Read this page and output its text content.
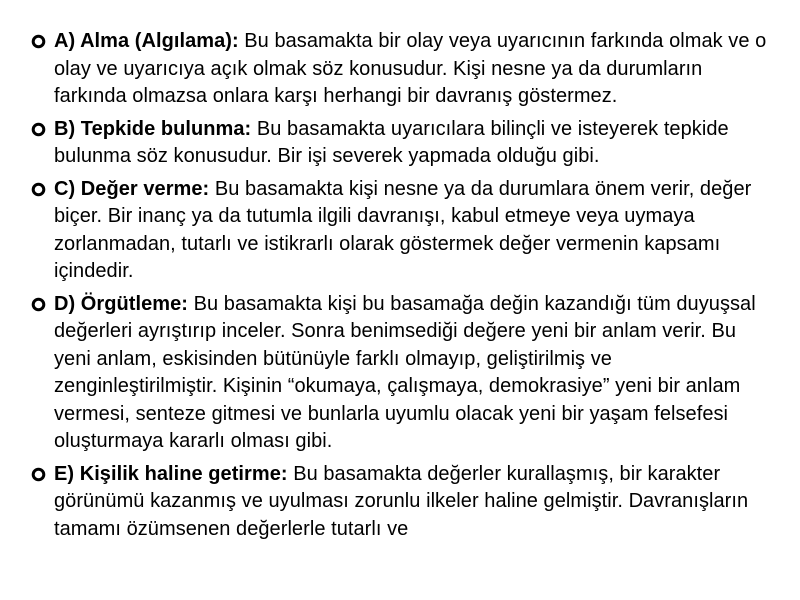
A) Alma (Algılama): Bu basamakta bir olay veya uyarıcının farkında olmak ve o olay ve uyarıcıya açık olmak söz konusudur. Kişi nesne ya da durumların farkında olmazsa onlara karşı herhangi bir davranış göstermez.
B) Tepkide bulunma: Bu basamakta uyarıcılara bilinçli ve isteyerek tepkide bulunma söz konusudur. Bir işi severek yapmada olduğu gibi.
C) Değer verme: Bu basamakta kişi nesne ya da durumlara önem verir, değer biçer. Bir inanç ya da tutumla ilgili davranışı, kabul etmeye veya uymaya zorlanmadan, tutarlı ve istikrarlı olarak göstermek değer vermenin kapsamı içindedir.
D) Örgütleme: Bu basamakta kişi bu basamağa değin kazandığı tüm duyuşsal değerleri ayrıştırıp inceler. Sonra benimsediği değere yeni bir anlam verir. Bu yeni anlam, eskisinden bütünüyle farklı olmayıp, geliştirilmiş ve zenginleştirilmiştir. Kişinin “okumaya, çalışmaya, demokrasiye” yeni bir anlam vermesi, senteze gitmesi ve bunlarla uyumlu olacak yeni bir yaşam felsefesi oluşturmaya kararlı olması gibi.
E) Kişilik haline getirme: Bu basamakta değerler kurallaşmış, bir karakter görünümü kazanmış ve uyulması zorunlu ilkeler haline gelmiştir. Davranışların tamamı özümsenen değerlerle tutarlı ve
